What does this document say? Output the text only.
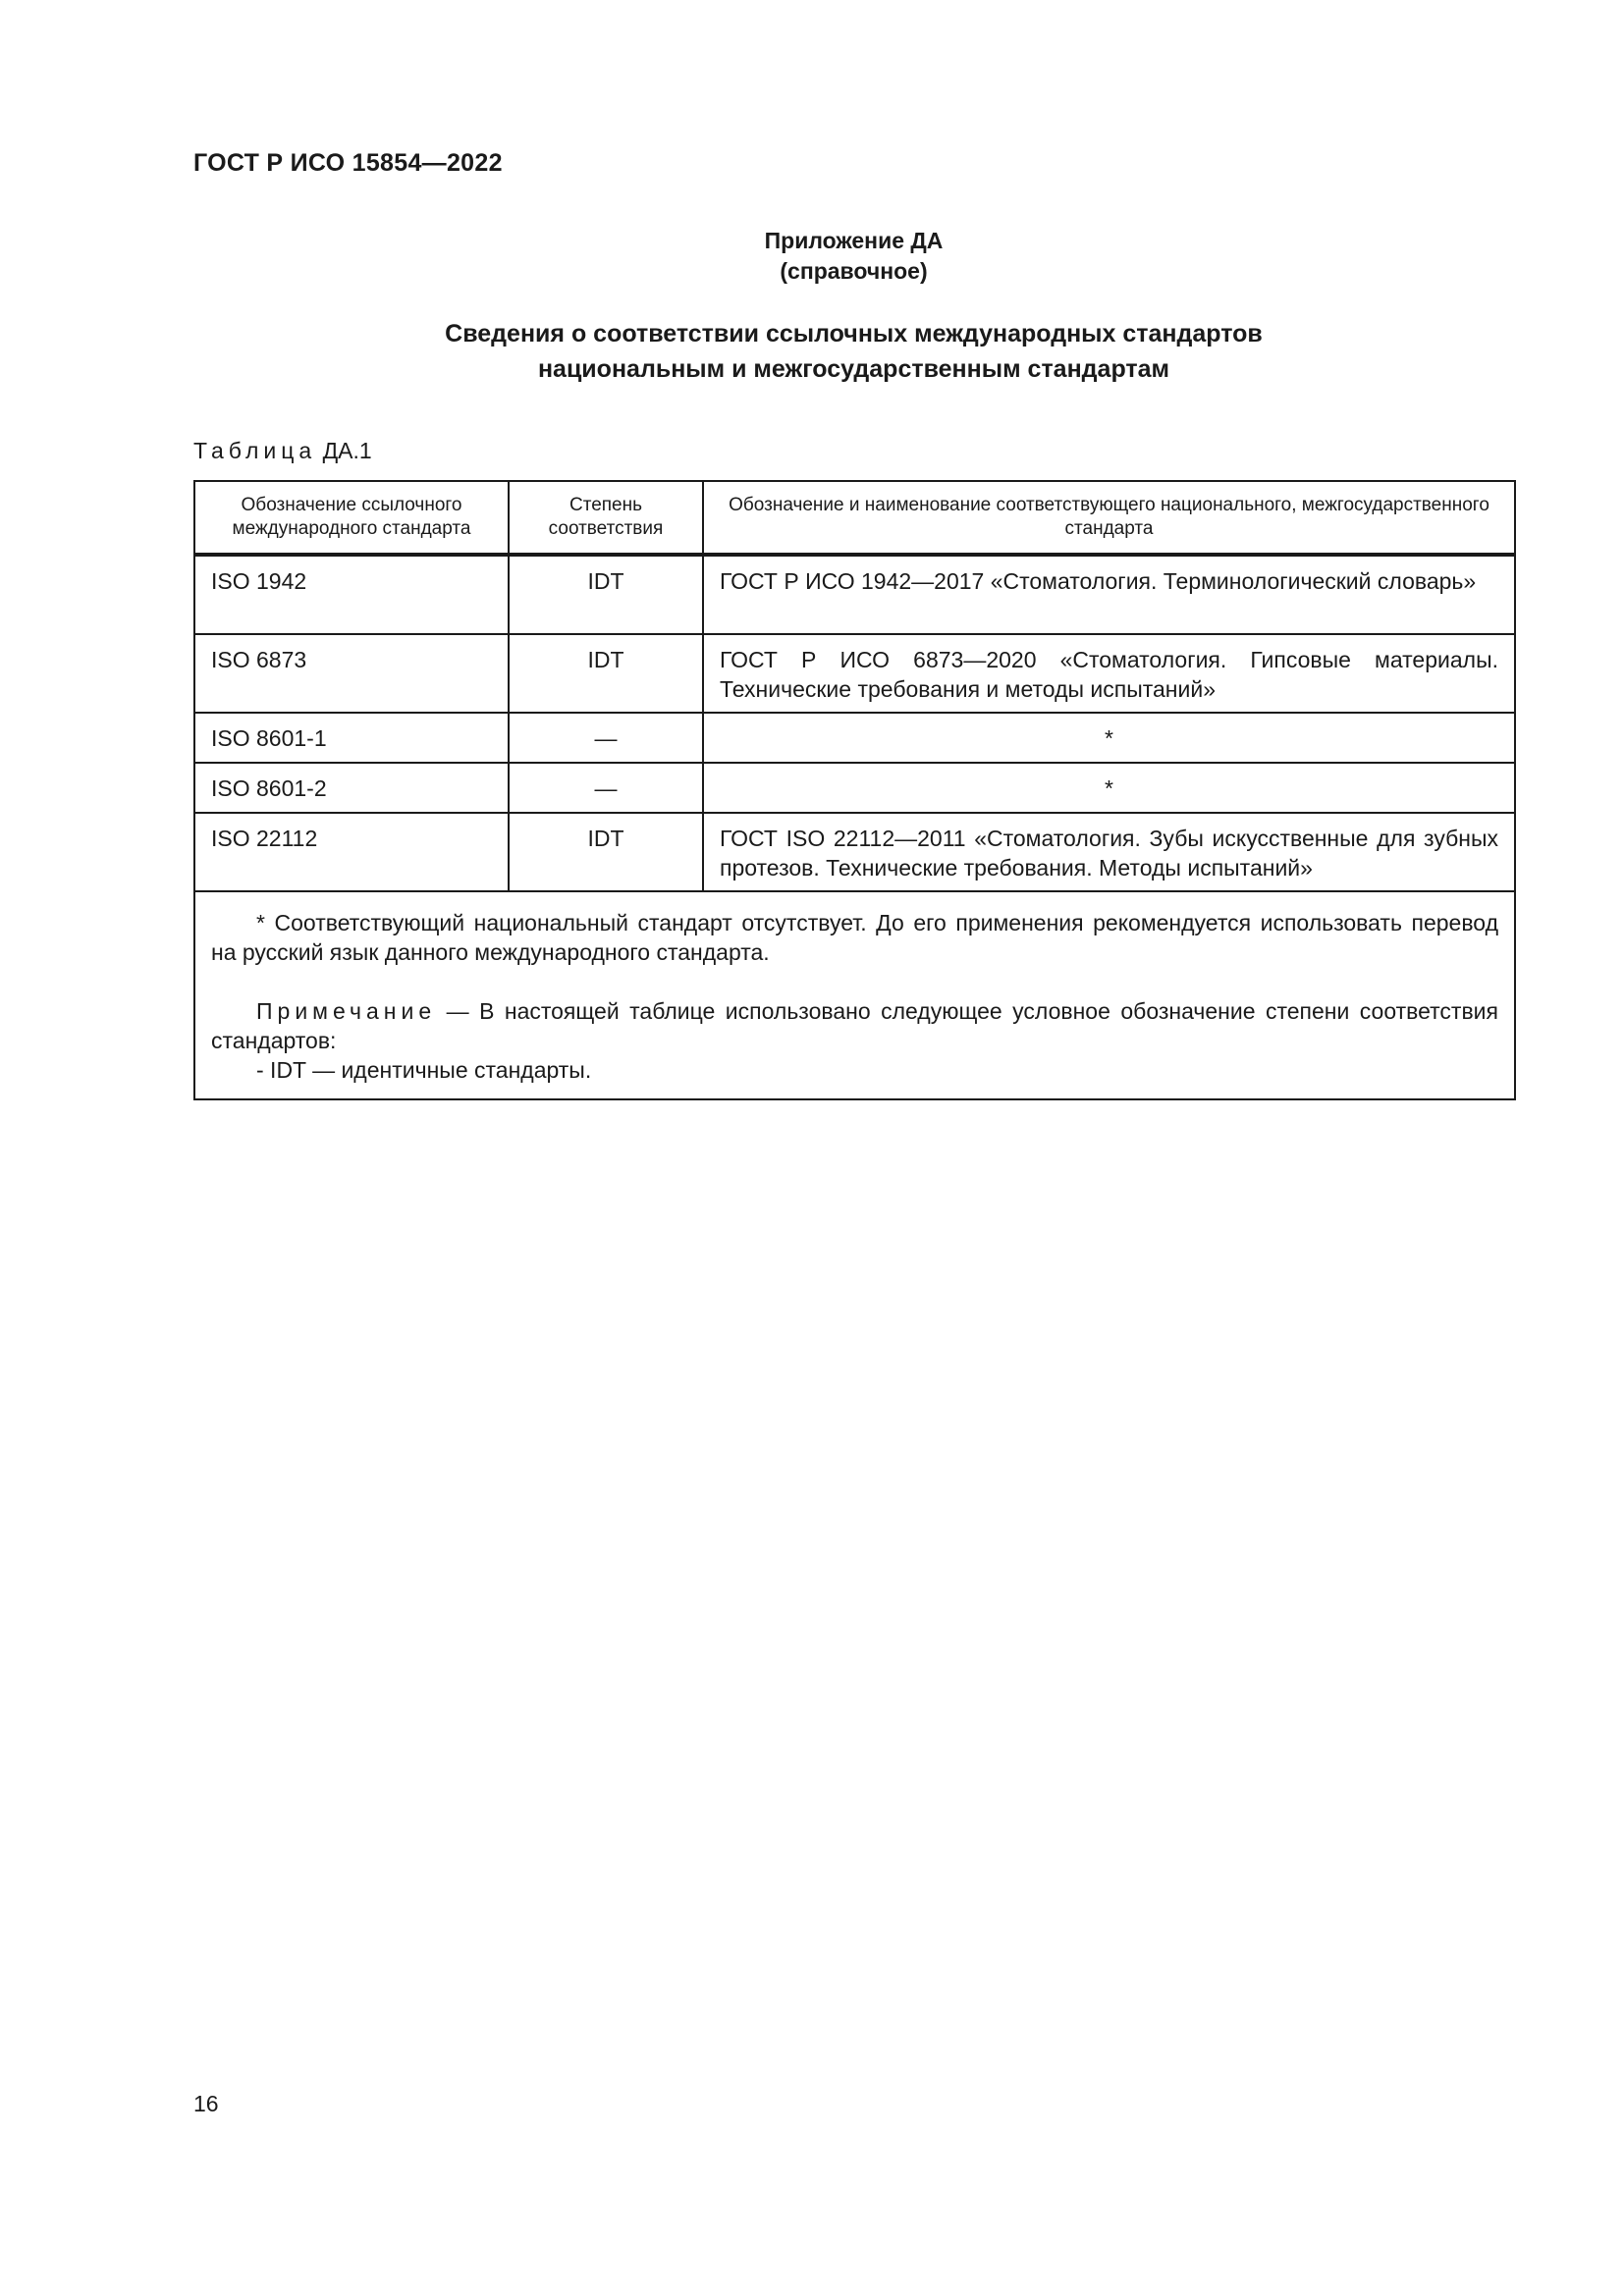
ГОСТ Р ИСО 15854—2022
Приложение ДА
(справочное)
Сведения о соответствии ссылочных международных стандартов
национальным и межгосударственным стандартам
Таблица ДА.1
Обозначение ссылочного международного стандарта	Степень соответствия	Обозначение и наименование соответствующего национального, межгосударственного стандарта
ISO 1942	IDT	ГОСТ Р ИСО 1942—2017 «Стоматология. Терминологический словарь»
ISO 6873	IDT	ГОСТ Р ИСО 6873—2020 «Стоматология. Гипсовые материалы. Технические требования и методы испытаний»
ISO 8601-1	—	*
ISO 8601-2	—	*
ISO 22112	IDT	ГОСТ ISO 22112—2011 «Стоматология. Зубы искусственные для зубных протезов. Технические требования. Методы испытаний»

* Соответствующий национальный стандарт отсутствует. До его применения рекомендуется использовать перевод на русский язык данного международного стандарта.

Примечание — В настоящей таблице использовано следующее условное обозначение степени соответствия стандартов:

- IDT — идентичные стандарты.		

16
